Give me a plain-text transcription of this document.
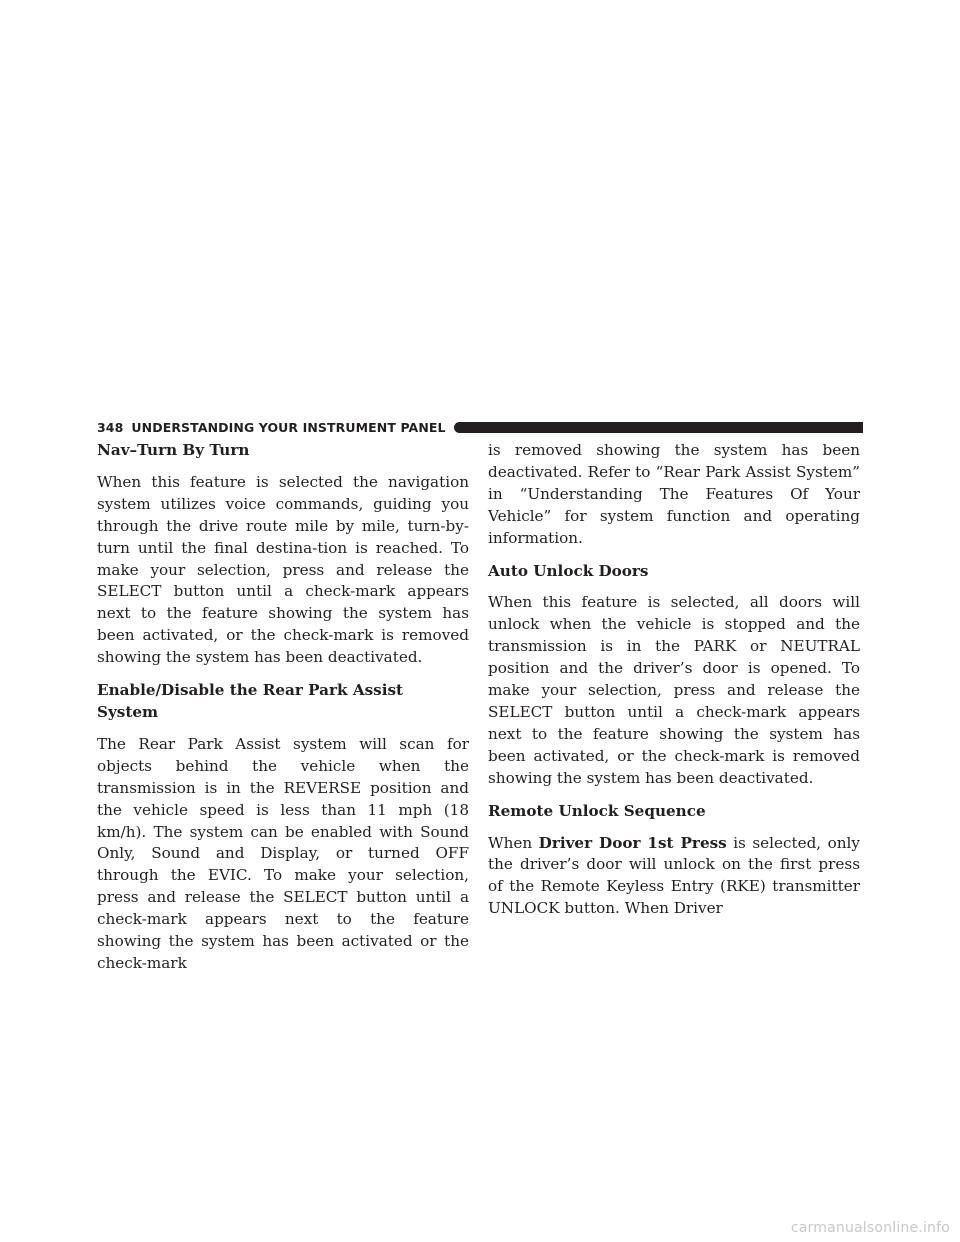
348 UNDERSTANDING YOUR INSTRUMENT PANEL
Nav–Turn By Turn

When this feature is selected the navigation system utilizes voice commands, guiding you through the drive route mile by mile, turn-by-turn until the final destina-tion is reached. To make your selection, press and release the SELECT button until a check-mark appears next to the feature showing the system has been activated, or the check-mark is removed showing the system has been deactivated.

Enable/Disable the Rear Park Assist System

The Rear Park Assist system will scan for objects behind the vehicle when the transmission is in the REVERSE position and the vehicle speed is less than 11 mph (18 km/h). The system can be enabled with Sound Only, Sound and Display, or turned OFF through the EVIC. To make your selection, press and release the SELECT button until a check-mark appears next to the feature showing the system has been activated or the check-mark

is removed showing the system has been deactivated. Refer to “Rear Park Assist System” in “Understanding The Features Of Your Vehicle” for system function and operating information.

Auto Unlock Doors

When this feature is selected, all doors will unlock when the vehicle is stopped and the transmission is in the PARK or NEUTRAL position and the driver’s door is opened. To make your selection, press and release the SELECT button until a check-mark appears next to the feature showing the system has been activated, or the check-mark is removed showing the system has been deactivated.

Remote Unlock Sequence

When Driver Door 1st Press is selected, only the driver’s door will unlock on the first press of the Remote Keyless Entry (RKE) transmitter UNLOCK button. When Driver

carmanualsonline.info
